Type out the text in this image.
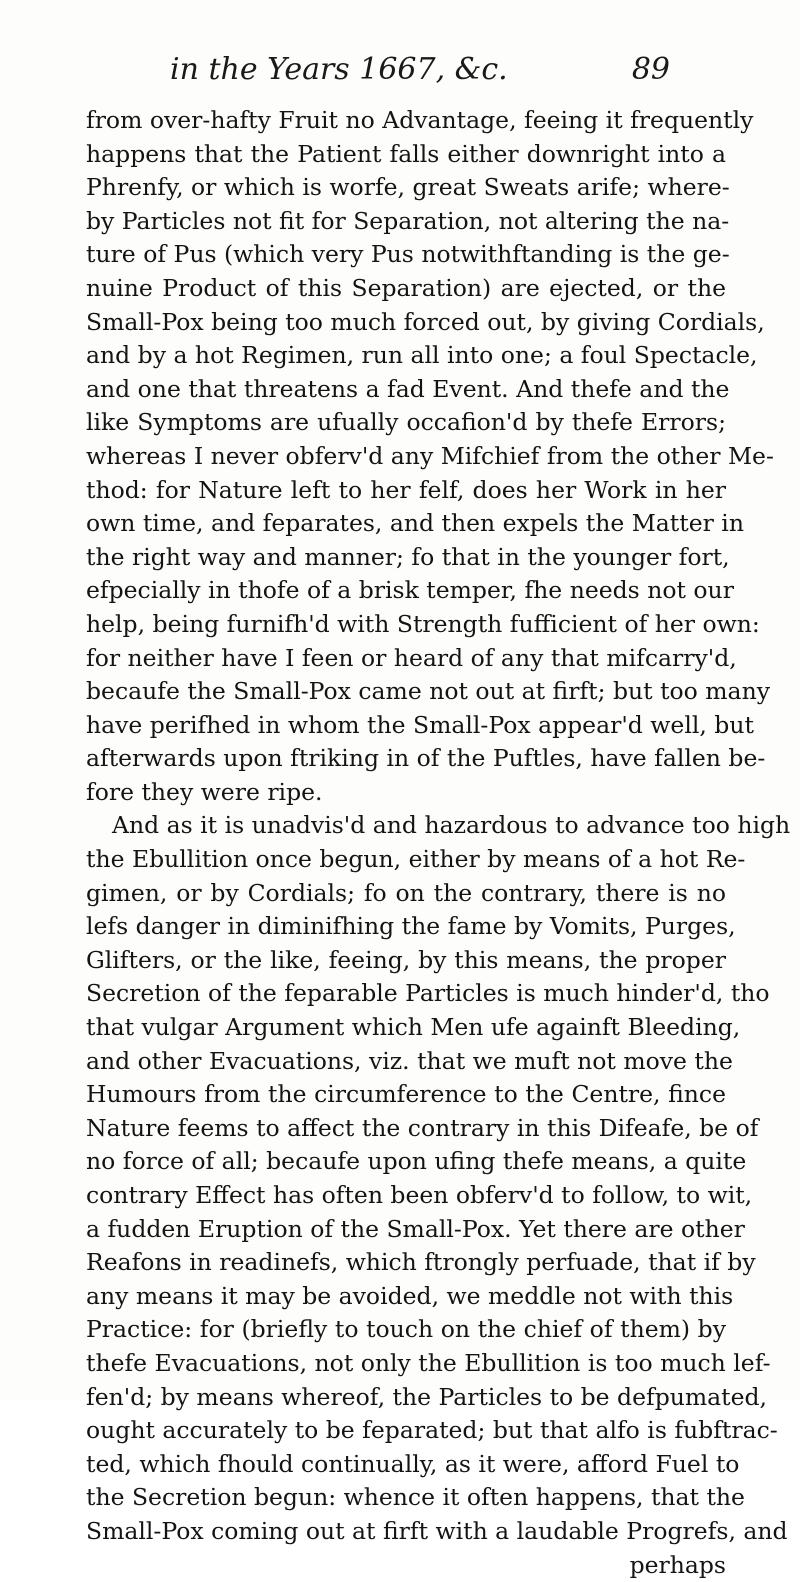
in the Years 1667, &c.	89
from over-hafty Fruit no Advantage, feeing it frequently
happens that the Patient falls either downright into a
Phrenfy, or which is worfe, great Sweats arife; where-
by Particles not fit for Separation, not altering the na-
ture of Pus (which very Pus notwithftanding is the ge-
nuine Product of this Separation) are ejected, or the
Small-Pox being too much forced out, by giving Cordials,
and by a hot Regimen, run all into one; a foul Spectacle,
and one that threatens a fad Event. And thefe and the
like Symptoms are ufually occafion'd by thefe Errors;
whereas I never obferv'd any Mifchief from the other Me-
thod: for Nature left to her felf, does her Work in her
own time, and feparates, and then expels the Matter in
the right way and manner; fo that in the younger fort,
efpecially in thofe of a brisk temper, fhe needs not our
help, being furnifh'd with Strength fufficient of her own:
for neither have I feen or heard of any that mifcarry'd,
becaufe the Small-Pox came not out at firft; but too many
have perifhed in whom the Small-Pox appear'd well, but
afterwards upon ftriking in of the Puftles, have fallen be-
fore they were ripe.
And as it is unadvis'd and hazardous to advance too high
the Ebullition once begun, either by means of a hot Re-
gimen, or by Cordials; fo on the contrary, there is no
lefs danger in diminifhing the fame by Vomits, Purges,
Glifters, or the like, feeing, by this means, the proper
Secretion of the feparable Particles is much hinder'd, tho
that vulgar Argument which Men ufe againft Bleeding,
and other Evacuations, viz. that we muft not move the
Humours from the circumference to the Centre, fince
Nature feems to affect the contrary in this Difeafe, be of
no force of all; becaufe upon ufing thefe means, a quite
contrary Effect has often been obferv'd to follow, to wit,
a fudden Eruption of the Small-Pox. Yet there are other
Reafons in readinefs, which ftrongly perfuade, that if by
any means it may be avoided, we meddle not with this
Practice: for (briefly to touch on the chief of them) by
thefe Evacuations, not only the Ebullition is too much lef-
fen'd; by means whereof, the Particles to be defpumated,
ought accurately to be feparated; but that alfo is fubftrac-
ted, which fhould continually, as it were, afford Fuel to
the Secretion begun: whence it often happens, that the
Small-Pox coming out at firft with a laudable Progrefs, and
perhaps
